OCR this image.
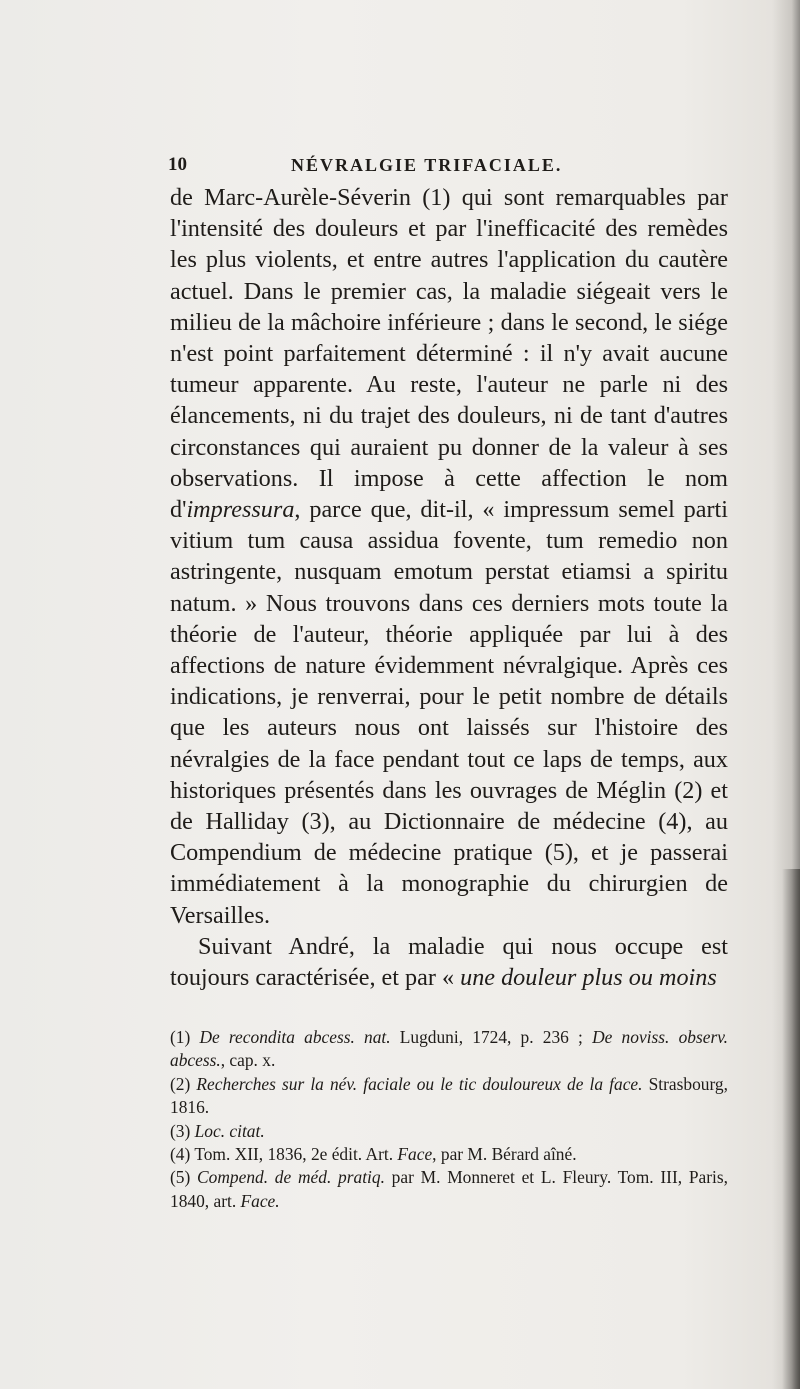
10	NÉVRALGIE TRIFACIALE.

de Marc-Aurèle-Séverin (1) qui sont remarquables par l'intensité des douleurs et par l'inefficacité des remèdes les plus violents, et entre autres l'application du cautère actuel. Dans le premier cas, la maladie siégeait vers le milieu de la mâchoire inférieure ; dans le second, le siége n'est point parfaitement déterminé : il n'y avait aucune tumeur apparente. Au reste, l'auteur ne parle ni des élancements, ni du trajet des douleurs, ni de tant d'autres circonstances qui auraient pu donner de la valeur à ses observations. Il impose à cette affection le nom d'impressura, parce que, dit-il, « impressum semel parti vitium tum causa assidua fovente, tum remedio non astringente, nusquam emotum perstat etiamsi a spiritu natum. » Nous trouvons dans ces derniers mots toute la théorie de l'auteur, théorie appliquée par lui à des affections de nature évidemment névralgique. Après ces indications, je renverrai, pour le petit nombre de détails que les auteurs nous ont laissés sur l'histoire des névralgies de la face pendant tout ce laps de temps, aux historiques présentés dans les ouvrages de Méglin (2) et de Halliday (3), au Dictionnaire de médecine (4), au Compendium de médecine pratique (5), et je passerai immédiatement à la monographie du chirurgien de Versailles.

Suivant André, la maladie qui nous occupe est toujours caractérisée, et par « une douleur plus ou moins

(1) De recondita abcess. nat. Lugduni, 1724, p. 236 ; De noviss. observ. abcess., cap. x.

(2) Recherches sur la név. faciale ou le tic douloureux de la face. Strasbourg, 1816.

(3) Loc. citat.

(4) Tom. XII, 1836, 2e édit. Art. Face, par M. Bérard aîné.

(5) Compend. de méd. pratiq. par M. Monneret et L. Fleury. Tom. III, Paris, 1840, art. Face.
